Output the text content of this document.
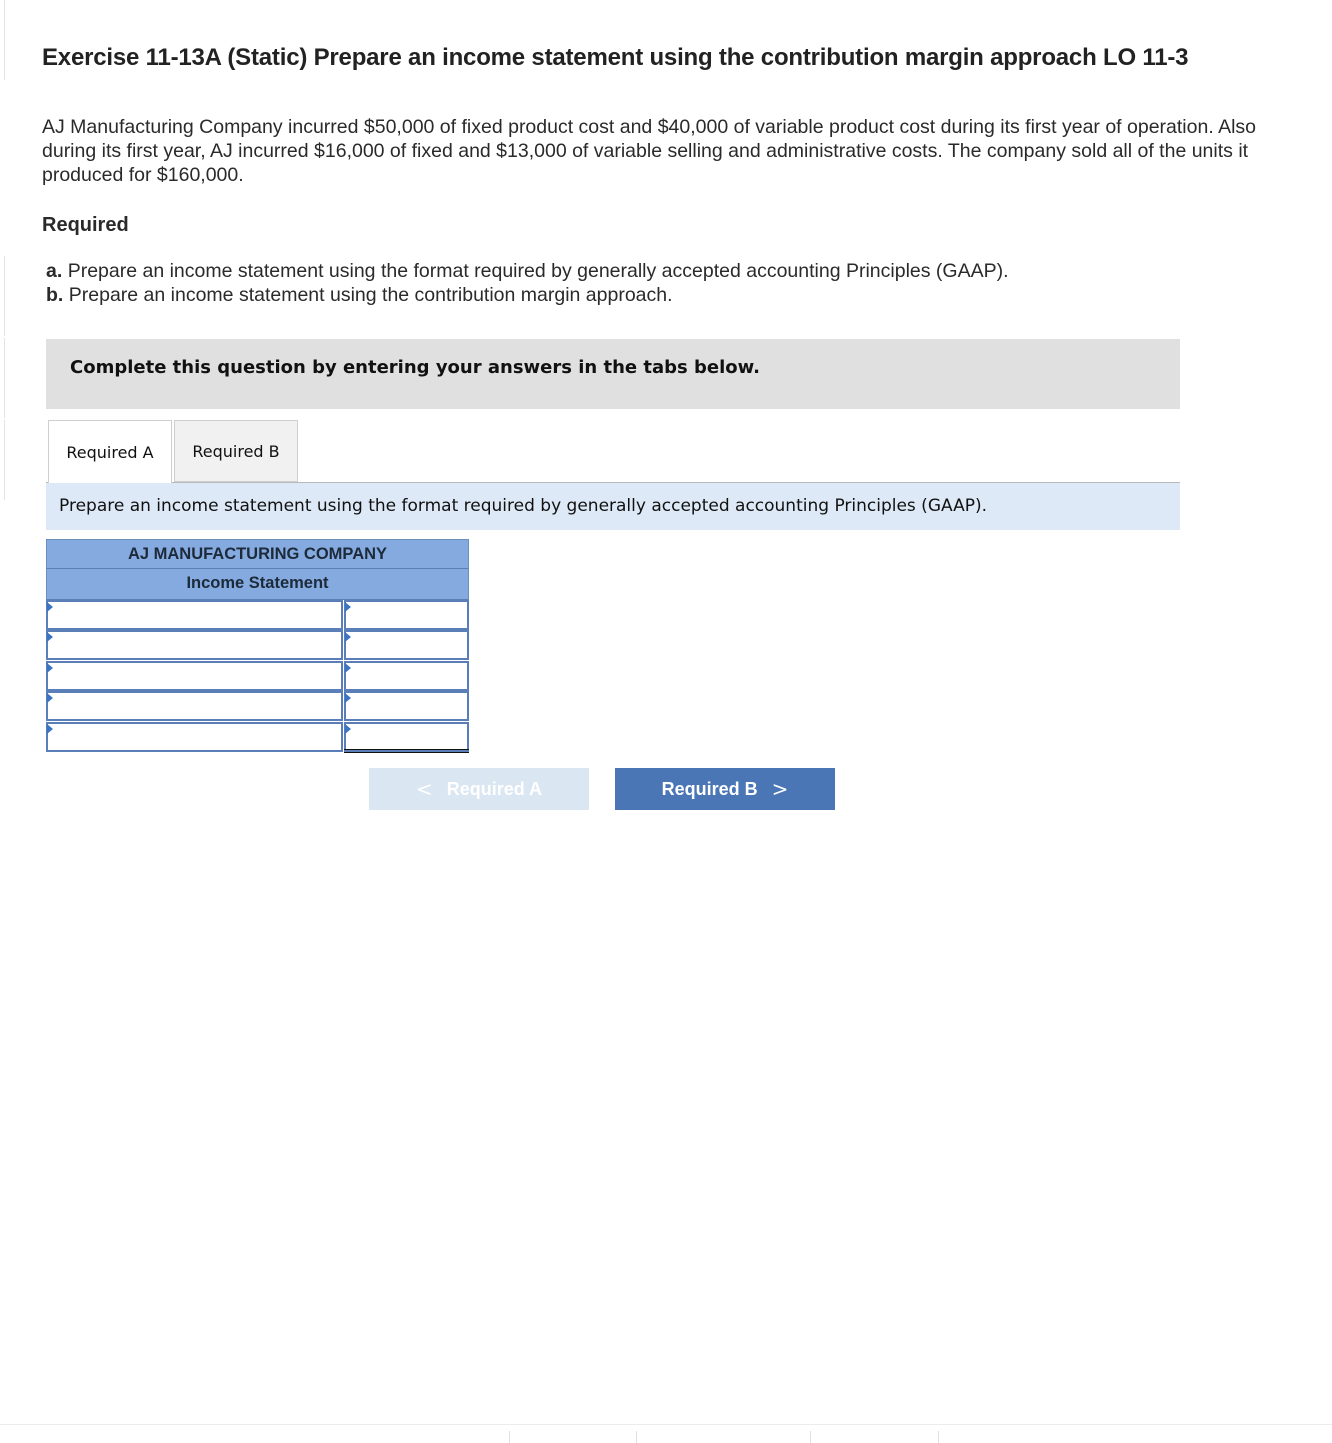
Exercise 11-13A (Static) Prepare an income statement using the contribution margin approach LO 11-3

AJ Manufacturing Company incurred $50,000 of fixed product cost and $40,000 of variable product cost during its first year of operation. Also during its first year, AJ incurred $16,000 of fixed and $13,000 of variable selling and administrative costs. The company sold all of the units it produced for $160,000.

Required
a. Prepare an income statement using the format required by generally accepted accounting Principles (GAAP).
b. Prepare an income statement using the contribution margin approach.
Complete this question by entering your answers in the tabs below.
Required A	Required B
Prepare an income statement using the format required by generally accepted accounting Principles (GAAP).
AJ MANUFACTURING COMPANY
Income Statement
< Required A	Required B >
